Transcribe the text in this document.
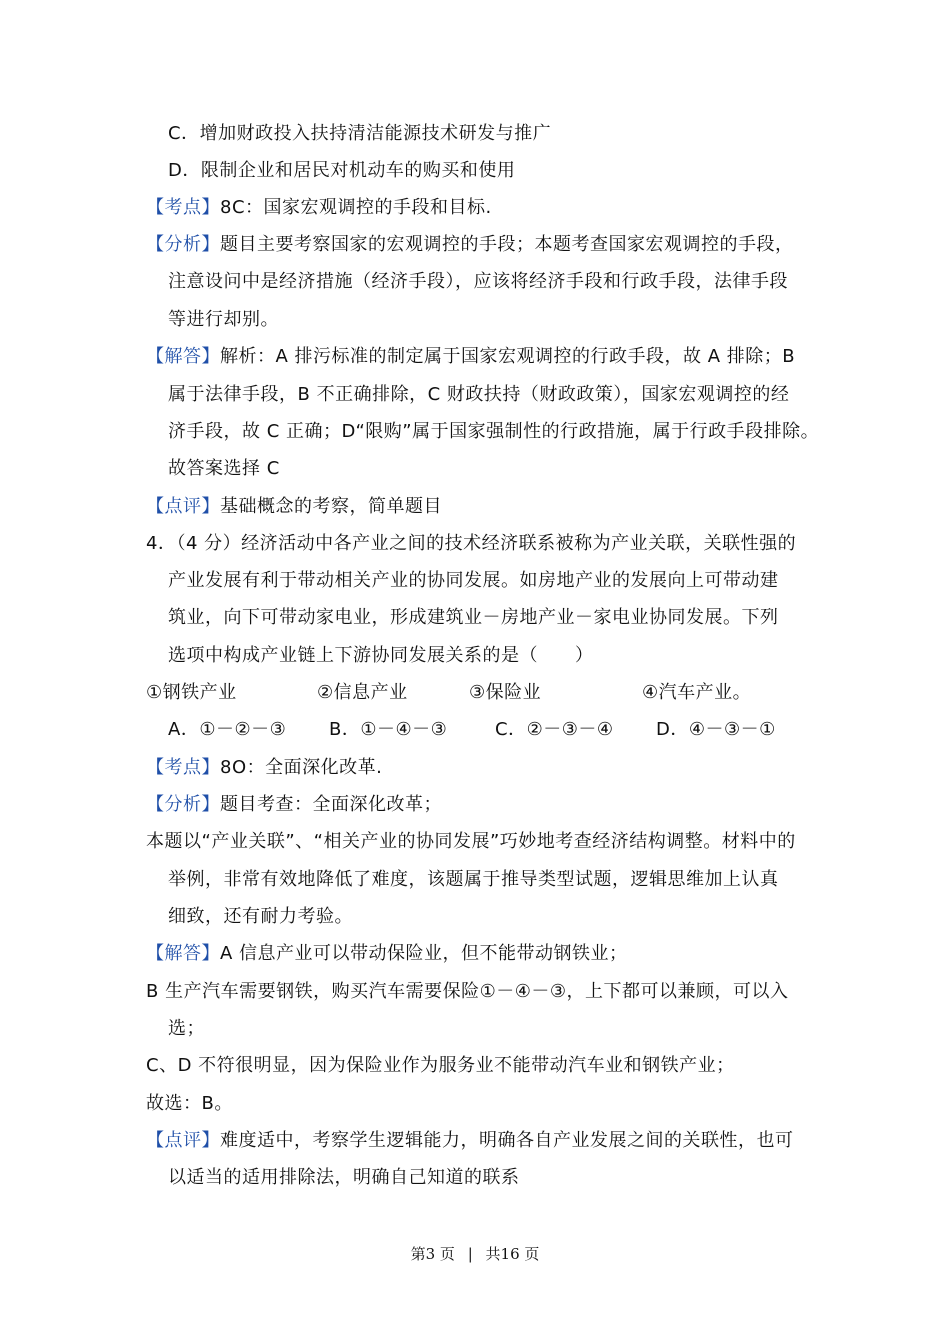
C．增加财政投入扶持清洁能源技术研发与推广
D．限制企业和居民对机动车的购买和使用
【考点】8C：国家宏观调控的手段和目标.
【分析】题目主要考察国家的宏观调控的手段；本题考查国家宏观调控的手段，
注意设问中是经济措施（经济手段），应该将经济手段和行政手段，法律手段
等进行却别。
【解答】解析：A 排污标准的制定属于国家宏观调控的行政手段，故 A 排除；B
属于法律手段，B 不正确排除，C 财政扶持（财政政策），国家宏观调控的经
济手段，故 C 正确；D“限购”属于国家强制性的行政措施，属于行政手段排除。
故答案选择 C
【点评】基础概念的考察，简单题目
4．（4 分）经济活动中各产业之间的技术经济联系被称为产业关联，关联性强的
产业发展有利于带动相关产业的协同发展。如房地产业的发展向上可带动建
筑业，向下可带动家电业，形成建筑业－房地产业－家电业协同发展。下列
选项中构成产业链上下游协同发展关系的是（　　）
①钢铁产业	②信息产业	③保险业	④汽车产业。
A．①－②－③ B．①－④－③	C．②－③－④ D．④－③－①
【考点】8O：全面深化改革.
【分析】题目考查：全面深化改革；
本题以“产业关联”、“相关产业的协同发展”巧妙地考查经济结构调整。材料中的
举例，非常有效地降低了难度，该题属于推导类型试题，逻辑思维加上认真
细致，还有耐力考验。
【解答】A 信息产业可以带动保险业，但不能带动钢铁业；
B 生产汽车需要钢铁，购买汽车需要保险①－④－③，上下都可以兼顾，可以入
选；
C、D 不符很明显，因为保险业作为服务业不能带动汽车业和钢铁产业；
故选：B。
【点评】难度适中，考察学生逻辑能力，明确各自产业发展之间的关联性，也可
以适当的适用排除法，明确自己知道的联系
第3 页 | 共16 页
